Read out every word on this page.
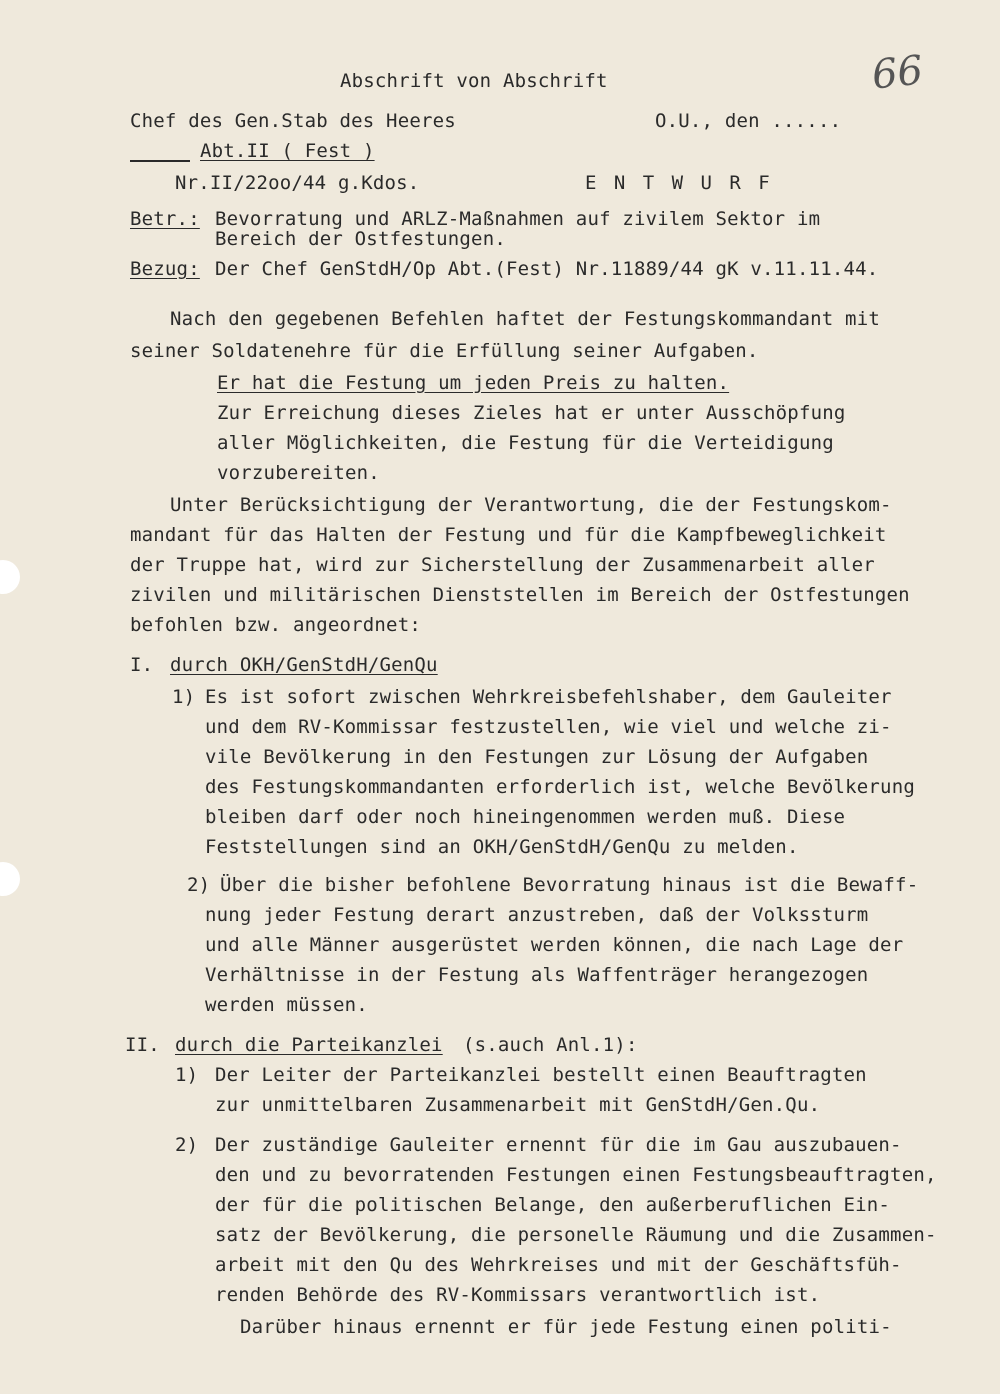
66
Abschrift von Abschrift
Chef des Gen.Stab des Heeres	O.U., den ......
Abt.II ( Fest )
Nr.II/22oo/44 g.Kdos.	E N T W U R F
Betr.: Bevorratung und ARLZ-Maßnahmen auf zivilem Sektor im
Bereich der Ostfestungen.
Bezug: Der Chef GenStdH/Op Abt.(Fest) Nr.11889/44 gK v.11.11.44.
Nach den gegebenen Befehlen haftet der Festungskommandant mit
seiner Soldatenehre für die Erfüllung seiner Aufgaben.
Er hat die Festung um jeden Preis zu halten.
Zur Erreichung dieses Zieles hat er unter Ausschöpfung
aller Möglichkeiten, die Festung für die Verteidigung
vorzubereiten.
Unter Berücksichtigung der Verantwortung, die der Festungskom-
mandant für das Halten der Festung und für die Kampfbeweglichkeit
der Truppe hat, wird zur Sicherstellung der Zusammenarbeit aller
zivilen und militärischen Dienststellen im Bereich der Ostfestungen
befohlen bzw. angeordnet:
I. durch OKH/GenStdH/GenQu
1) Es ist sofort zwischen Wehrkreisbefehlshaber, dem Gauleiter
und dem RV-Kommissar festzustellen, wie viel und welche zi-
vile Bevölkerung in den Festungen zur Lösung der Aufgaben
des Festungskommandanten erforderlich ist, welche Bevölkerung
bleiben darf oder noch hineingenommen werden muß. Diese
Feststellungen sind an OKH/GenStdH/GenQu zu melden.
2) Über die bisher befohlene Bevorratung hinaus ist die Bewaff-
nung jeder Festung derart anzustreben, daß der Volkssturm
und alle Männer ausgerüstet werden können, die nach Lage der
Verhältnisse in der Festung als Waffenträger herangezogen
werden müssen.
II. durch die Parteikanzlei (s.auch Anl.1):
1) Der Leiter der Parteikanzlei bestellt einen Beauftragten
zur unmittelbaren Zusammenarbeit mit GenStdH/Gen.Qu.
2) Der zuständige Gauleiter ernennt für die im Gau auszubauen-
den und zu bevorratenden Festungen einen Festungsbeauftragten,
der für die politischen Belange, den außerberuflichen Ein-
satz der Bevölkerung, die personelle Räumung und die Zusammen-
arbeit mit den Qu des Wehrkreises und mit der Geschäftsfüh-
renden Behörde des RV-Kommissars verantwortlich ist.
Darüber hinaus ernennt er für jede Festung einen politi-
